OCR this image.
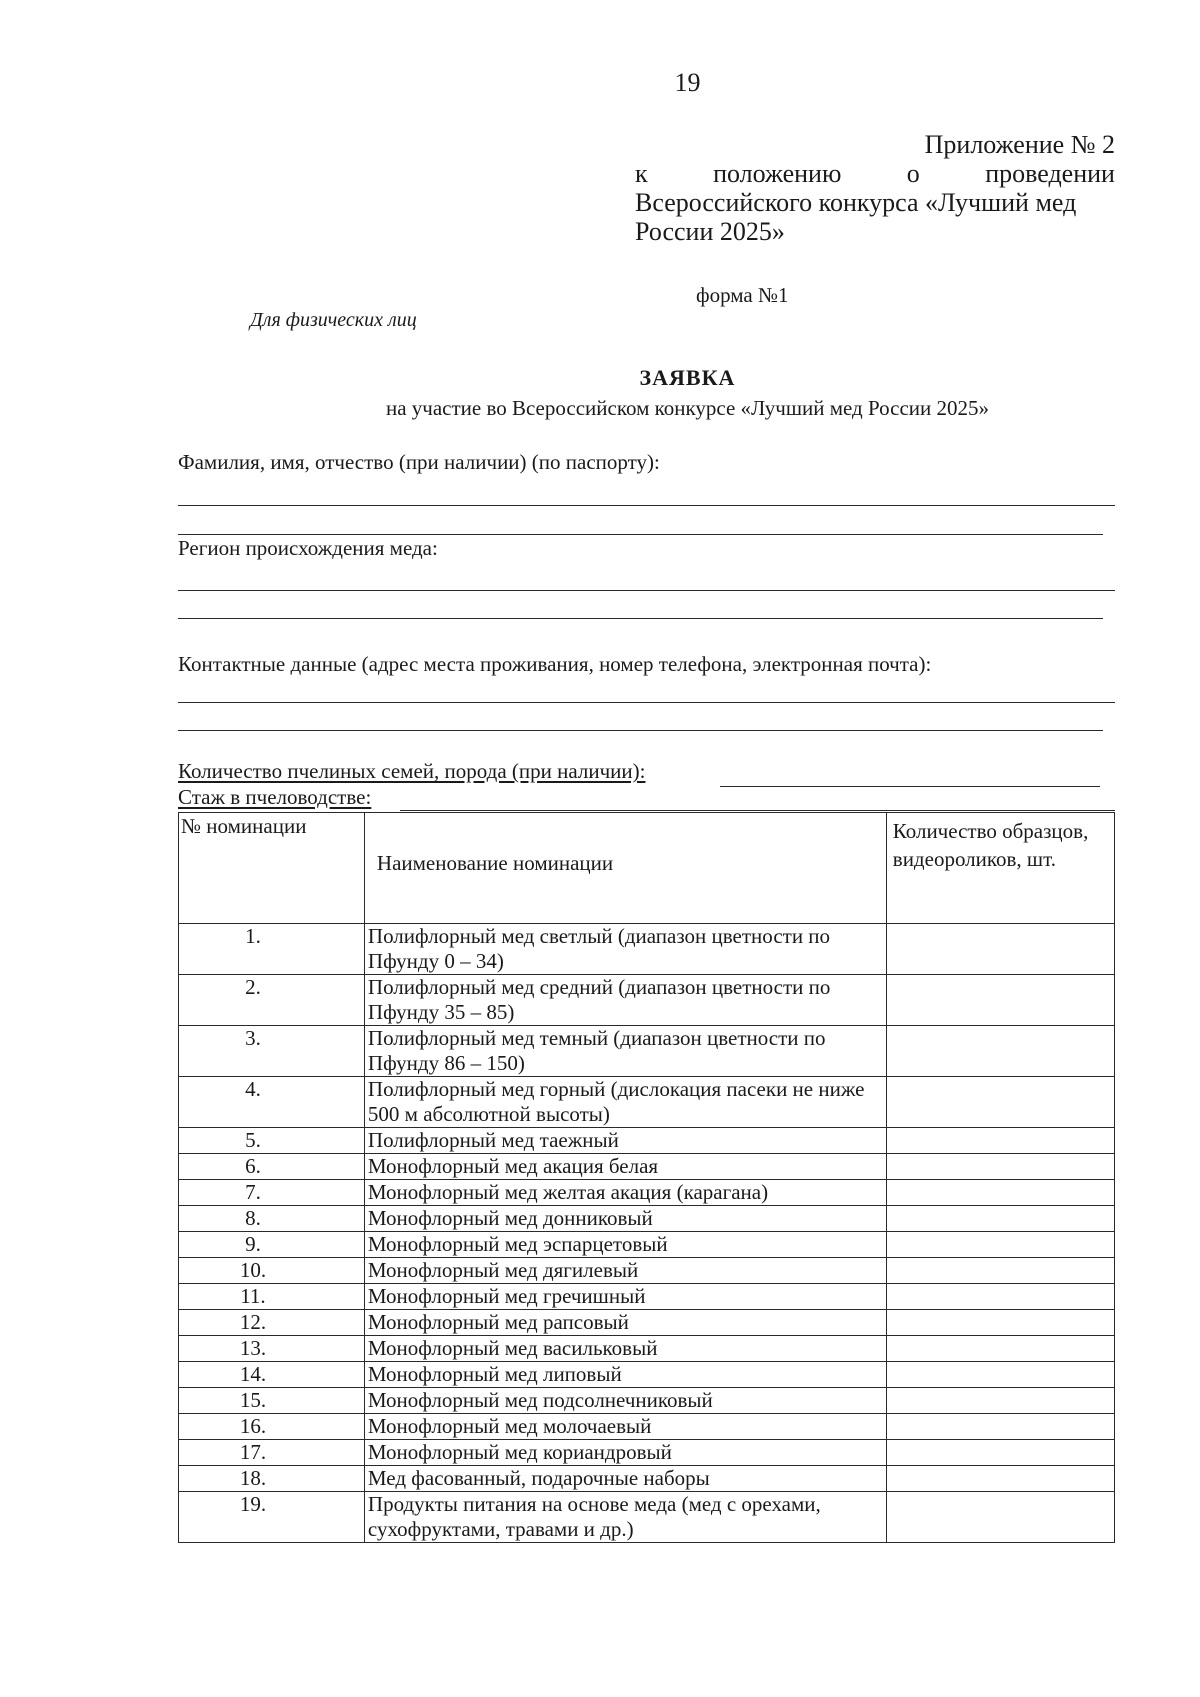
19
Приложение № 2
к	положению	о	проведении
Всероссийского конкурса «Лучший мед
России 2025»
форма №1
Для физических лиц
ЗАЯВКА
на участие во Всероссийском конкурсе «Лучший мед России 2025»
Фамилия, имя, отчество (при наличии) (по паспорту):
Регион происхождения меда:
Контактные данные (адрес места проживания, номер телефона, электронная почта):
Количество пчелиных семей, порода (при наличии):
Стаж в пчеловодстве:
№ номинации	Наименование номинации	Количество образцов, видеороликов, шт.
1.	Полифлорный мед светлый (диапазон цветности по Пфунду 0 – 34)	
2.	Полифлорный мед средний (диапазон цветности по Пфунду 35 – 85)	
3.	Полифлорный мед темный (диапазон цветности по Пфунду 86 – 150)	
4.	Полифлорный мед горный (дислокация пасеки не ниже 500 м абсолютной высоты)	
5.	Полифлорный мед таежный	
6.	Монофлорный мед акация белая	
7.	Монофлорный мед желтая акация (карагана)	
8.	Монофлорный мед донниковый	
9.	Монофлорный мед эспарцетовый	
10.	Монофлорный мед дягилевый	
11.	Монофлорный мед гречишный	
12.	Монофлорный мед рапсовый	
13.	Монофлорный мед васильковый	
14.	Монофлорный мед липовый	
15.	Монофлорный мед подсолнечниковый	
16.	Монофлорный мед молочаевый	
17.	Монофлорный мед кориандровый	
18.	Мед фасованный, подарочные наборы	
19.	Продукты питания на основе меда (мед с орехами, сухофруктами, травами и др.)	
